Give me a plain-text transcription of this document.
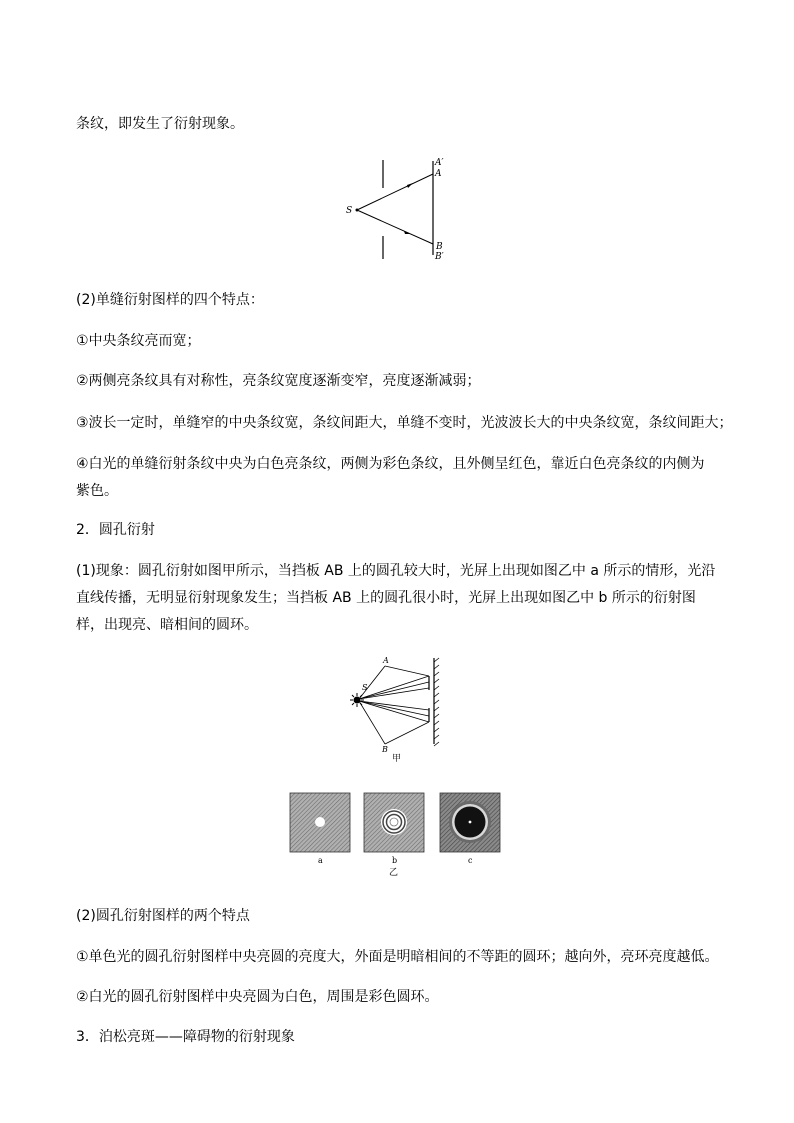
条纹，即发生了衍射现象。
A′
A
S
B
B′
(2)单缝衍射图样的四个特点：
①中央条纹亮而宽；
②两侧亮条纹具有对称性，亮条纹宽度逐渐变窄，亮度逐渐减弱；
③波长一定时，单缝窄的中央条纹宽，条纹间距大，单缝不变时，光波波长大的中央条纹宽，条纹间距大；
④白光的单缝衍射条纹中央为白色亮条纹，两侧为彩色条纹，且外侧呈红色，靠近白色亮条纹的内侧为紫色。
2．圆孔衍射
(1)现象：圆孔衍射如图甲所示，当挡板 AB 上的圆孔较大时，光屏上出现如图乙中 a 所示的情形，光沿直线传播，无明显衍射现象发生；当挡板 AB 上的圆孔很小时，光屏上出现如图乙中 b 所示的衍射图样，出现亮、暗相间的圆环。
S
A
B
甲
a	b	c
乙
(2)圆孔衍射图样的两个特点
①单色光的圆孔衍射图样中央亮圆的亮度大，外面是明暗相间的不等距的圆环；越向外，亮环亮度越低。
②白光的圆孔衍射图样中央亮圆为白色，周围是彩色圆环。
3．泊松亮斑——障碍物的衍射现象
